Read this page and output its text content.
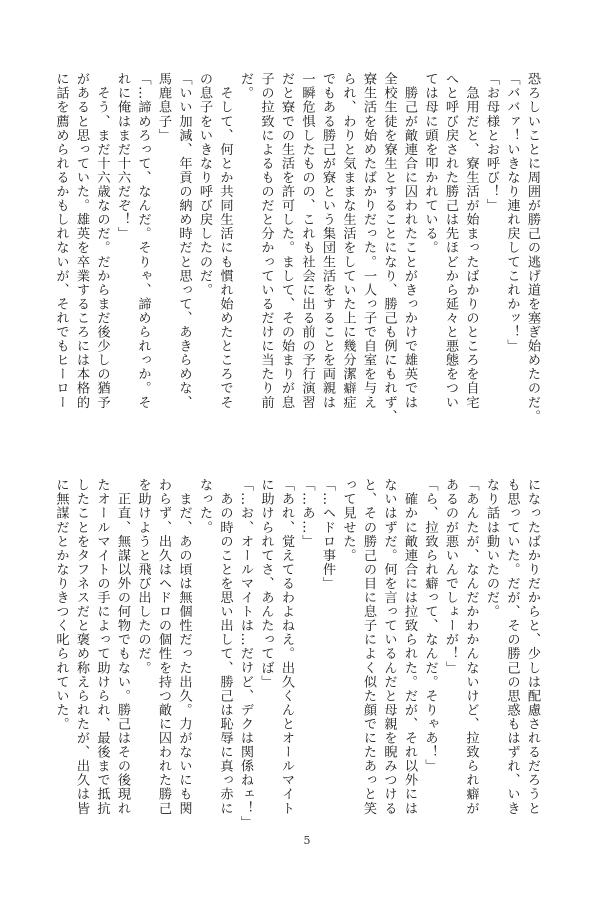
恐ろしいことに周囲が勝己の逃げ道を塞ぎ始めたのだ。
「ババァ！いきなり連れ戻してこれかッ！」
「お母様とお呼び！」
　急用だと、寮生活が始まったばかりのところを自宅
へと呼び戻された勝己は先ほどから延々と悪態をつい
ては母に頭を叩かれている。
　勝己が敵連合に囚われたことがきっかけで雄英では
全校生徒を寮生とすることになり、勝己も例にもれず、
寮生活を始めたばかりだった。一人っ子で自室を与え
られ、わりと気ままな生活をしていた上に幾分潔癖症
でもある勝己が寮という集団生活をすることを両親は
一瞬危惧したものの、これも社会に出る前の予行演習
だと寮での生活を許可した。まして、その始まりが息
子の拉致によるものだと分かっているだけに当たり前
だ。
　そして、何とか共同生活にも慣れ始めたところでそ
の息子をいきなり呼び戻したのだ。
「いい加減、年貢の納め時だと思って、あきらめな、
馬鹿息子」
「…諦めろって、なんだ。そりゃ、諦められっか。そ
れに俺はまだ十六だぞ！」
　そう、まだ十六歳なのだ。だからまだ後少しの猶予
があると思っていた。雄英を卒業するころには本格的
に話を薦められるかもしれないが、それでもヒーロー
になったばかりだからと、少しは配慮されるだろうと
も思っていた。だが、その勝己の思惑もはずれ、いき
なり話は動いたのだ。
「あんたが、なんだかわかんないけど、拉致られ癖が
あるのが悪いんでしょーが！」
「ら、拉致られ癖って、なんだ。そりゃあ！」
　確かに敵連合には拉致られた。だが、それ以外には
ないはずだ。何を言っているんだと母親を睨みつける
と、その勝己の目に息子によく似た顔でにたあっと笑
って見せた。
「…ヘドロ事件」
「…あ…」
「あれ、覚えてるわよねえ。出久くんとオールマイト
に助けられてさ、あんたってば」
「…お、オールマイトは…だけど、デクは関係ねェ！」
　あの時のことを思い出して、勝己は恥辱に真っ赤に
なった。
　まだ、あの頃は無個性だった出久。力がないにも関
わらず、出久はヘドロの個性を持つ敵に囚われた勝己
を助けようと飛び出したのだ。
　正直、無謀以外の何物でもない。勝己はその後現れ
たオールマイトの手によって助けられ、最後まで抵抗
したことをタフネスだと褒め称えられたが、出久は皆
に無謀だとかなりきつく叱られていた。
5
